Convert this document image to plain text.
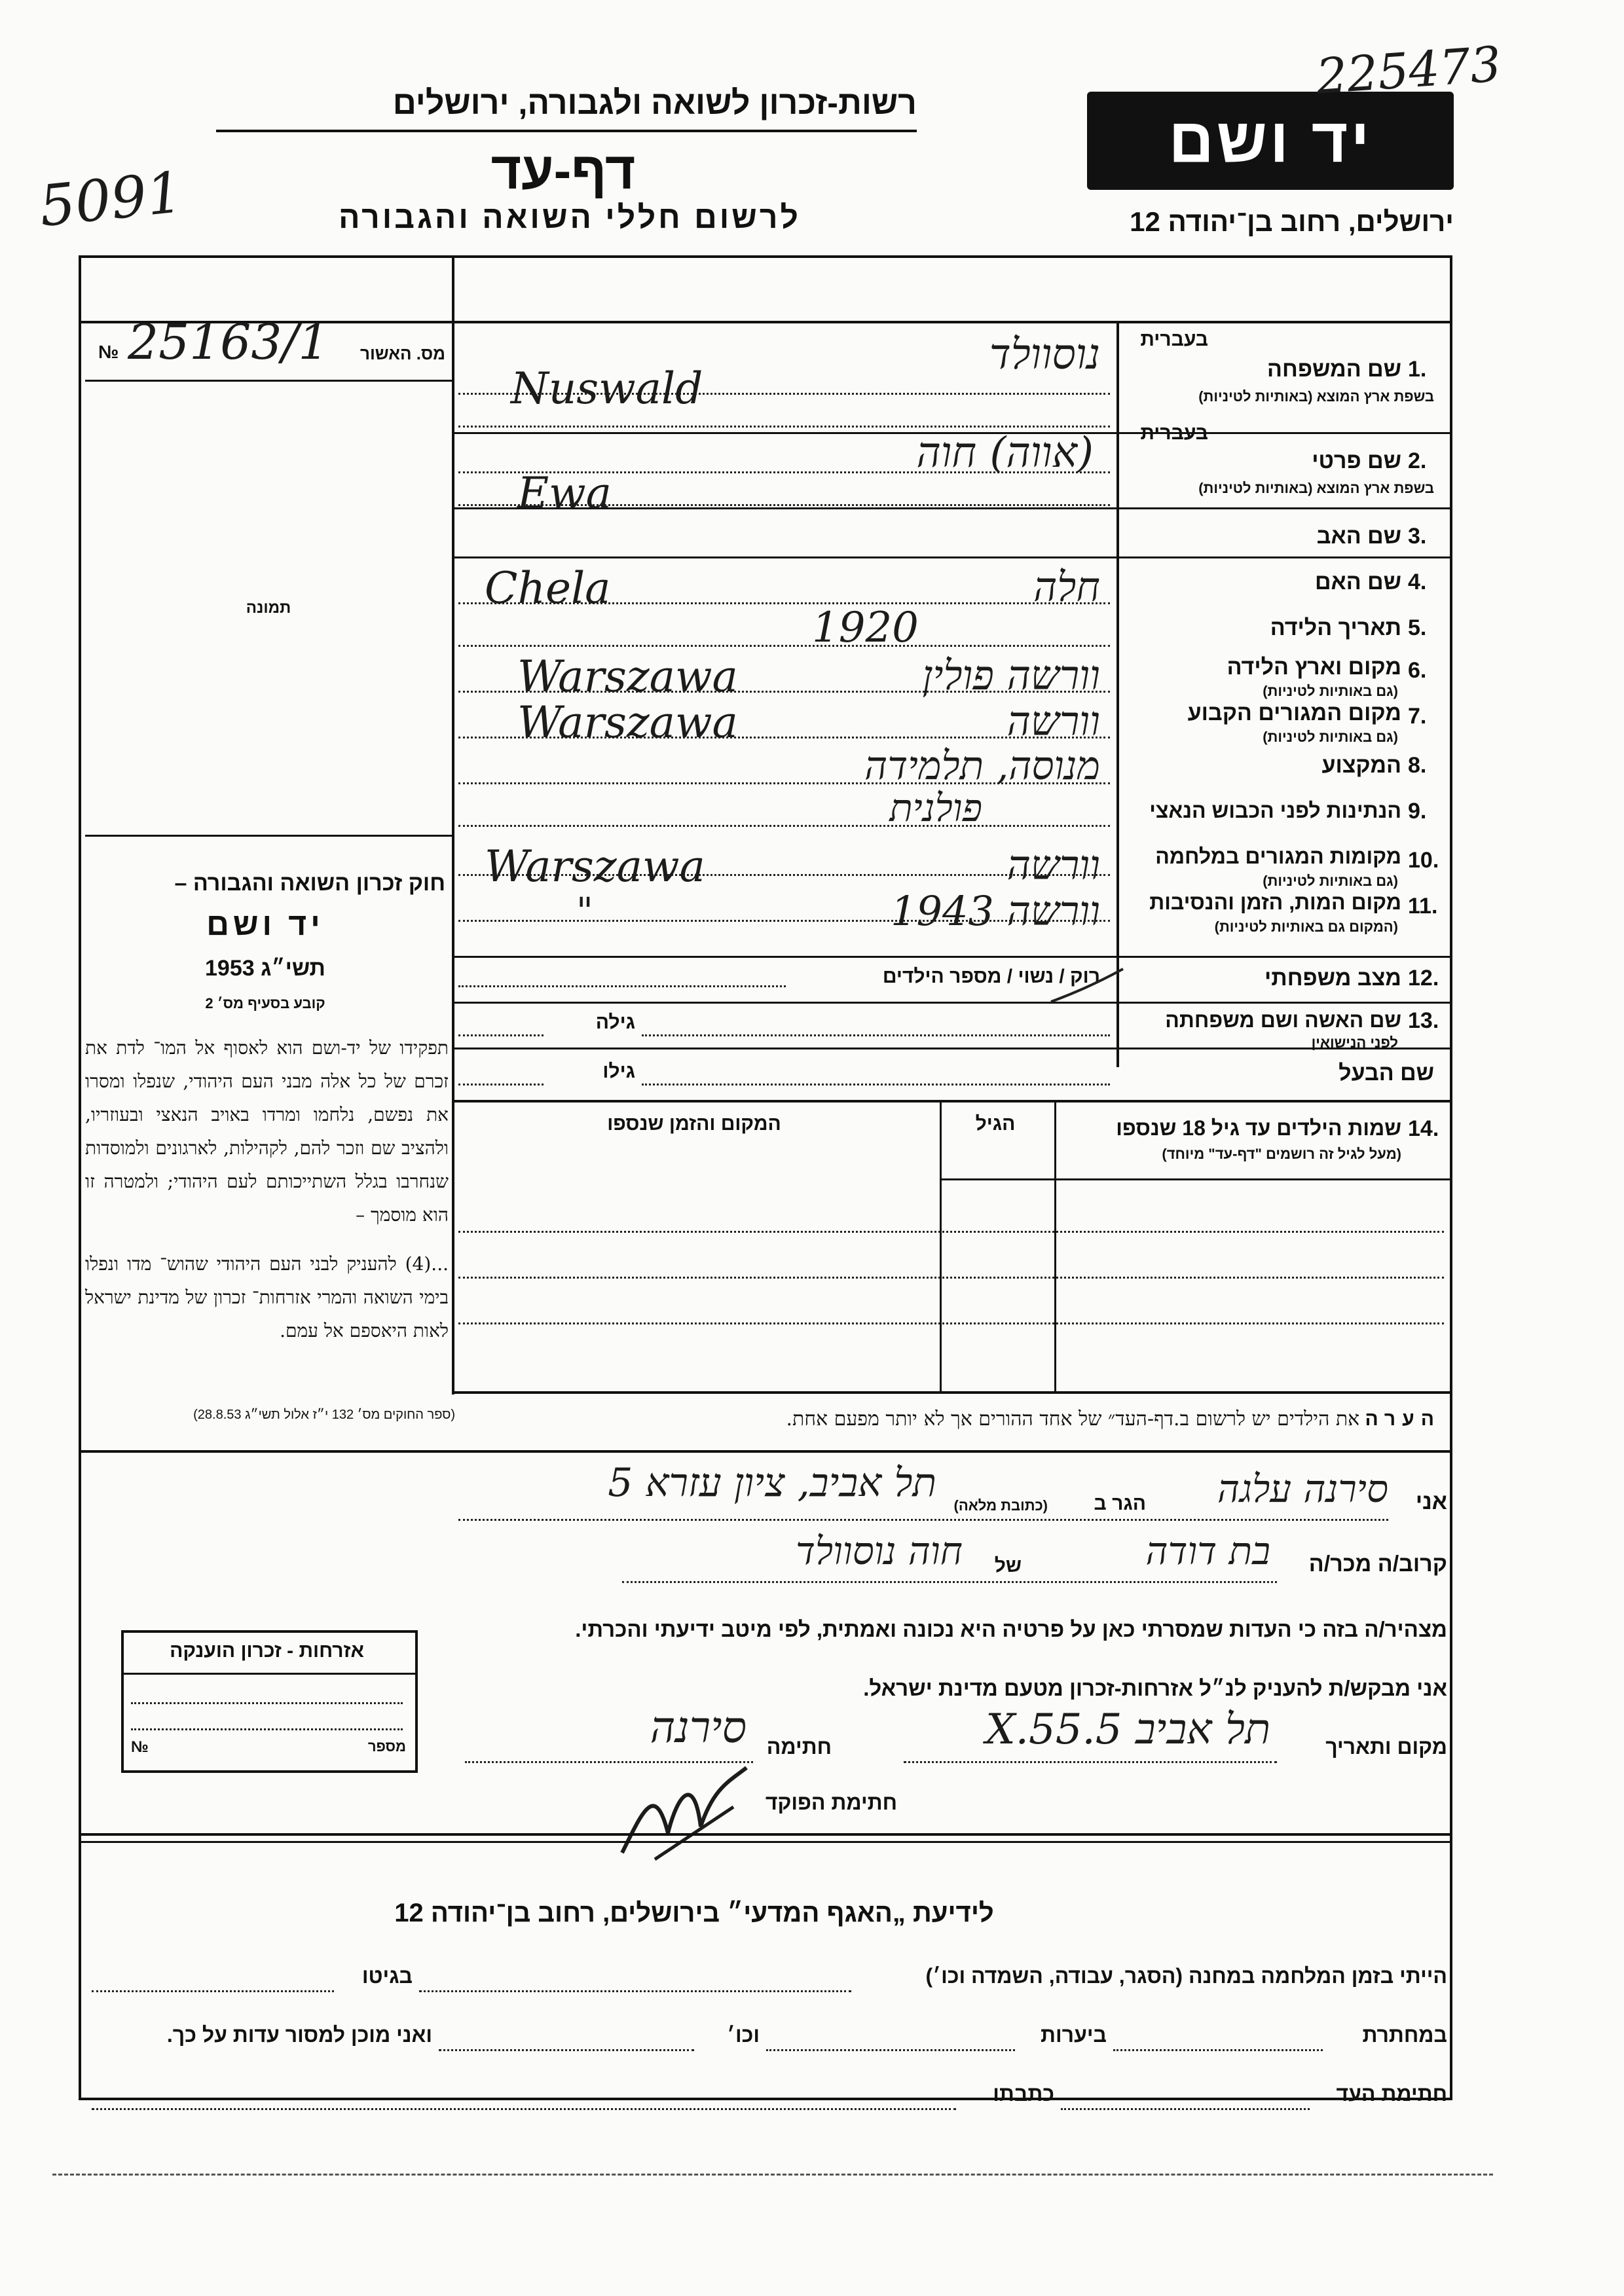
רשות-זכרון לשואה ולגבורה, ירושלים
דף-עד
לרשום חללי השואה והגבורה
יד ושם
ירושלים, רחוב בן־יהודה 12
225473
5091
מס. האשור
№ 25163/1
תמונה
חוק זכרון השואה והגבורה –
יד ושם
תשי״ג 1953
קובע בסעיף מס׳ 2
תפקידו של יד-ושם הוא לאסוף אל המו־ לדת את זכרם של כל אלה מבני העם היהודי, שנפלו ומסרו את נפשם, נלחמו ומרדו באויב הנאצי ובעוזריו, ולהציב שם וזכר להם, לקהילות, לארגונים ולמוסדות שנחרבו בגלל השתייכותם לעם היהודי; ולמטרה זו הוא מוסמך –
...(4) להעניק לבני העם היהודי שהוש־ מדו ונפלו בימי השואה והמרי אזרחות־ זכרון של מדינת ישראל לאות היאספם אל עמם.
(ספר החוקים מס׳ 132 י״ז אלול תשי״ג 28.8.53)
1.
שם המשפחה
בשפת ארץ המוצא (באותיות לטיניות)
בעברית
נוסוולד
Nuswald
2.
שם פרטי
בשפת ארץ המוצא (באותיות לטיניות)
בעברית
(אווה) חוה
Ewa
3.
שם האב
4.
שם האם
חלה
Chela
5.
תאריך הלידה
1920
6.
מקום וארץ הלידה
(גם באותיות לטיניות)
וורשה פולין
Warszawa
7.
מקום המגורים הקבוע
(גם באותיות לטיניות)
וורשה
Warszawa
8.
המקצוע
מנוסה, תלמידה
9.
הנתינות לפני הכבוש הנאצי
פולנית
10.
מקומות המגורים במלחמה
(גם באותיות לטיניות)
וורשה
Warszawa
11.
מקום המות, הזמן והנסיבות
(המקום גם באותיות לטיניות)
וורשה 1943
"
12.
מצב משפחתי
רוק / נשוי / מספר הילדים
13.
שם האשה ושם משפחתה
לפני הנישואין
גילה
שם הבעל
גילו
14.
שמות הילדים עד גיל 18 שנספו
(מעל לגיל זה רושמים "דף-עד" מיוחד)
הגיל
המקום והזמן שנספו
הערה את הילדים יש לרשום ב.דף-העד״ של אחד ההורים אך לא יותר מפעם אחת.
אני
סירנה עלגה
הגר ב
(כתובת מלאה)
תל אביב, ציון עזרא 5
קרוב/ה מכר/ה
בת דודה
של
חוה נוסוולד
מצהיר/ה בזה כי העדות שמסרתי כאן על פרטיה היא נכונה ואמתית, לפי מיטב ידיעתי והכרתי.
אני מבקש/ת להעניק לנ״ל אזרחות-זכרון מטעם מדינת ישראל.
מקום ותאריך
תל אביב 5.X.55
חתימה
סירנה
חתימת הפוקד
אזרחות - זכרון הוענקה
מספר
№
לידיעת „האגף המדעי״ בירושלים, רחוב בן־יהודה 12
הייתי בזמן המלחמה במחנה (הסגר, עבודה, השמדה וכו׳)
בגיטו
במחתרת
ביערות
וכו׳
ואני מוכן למסור עדות על כך.
חתימת העד
כתבתו
